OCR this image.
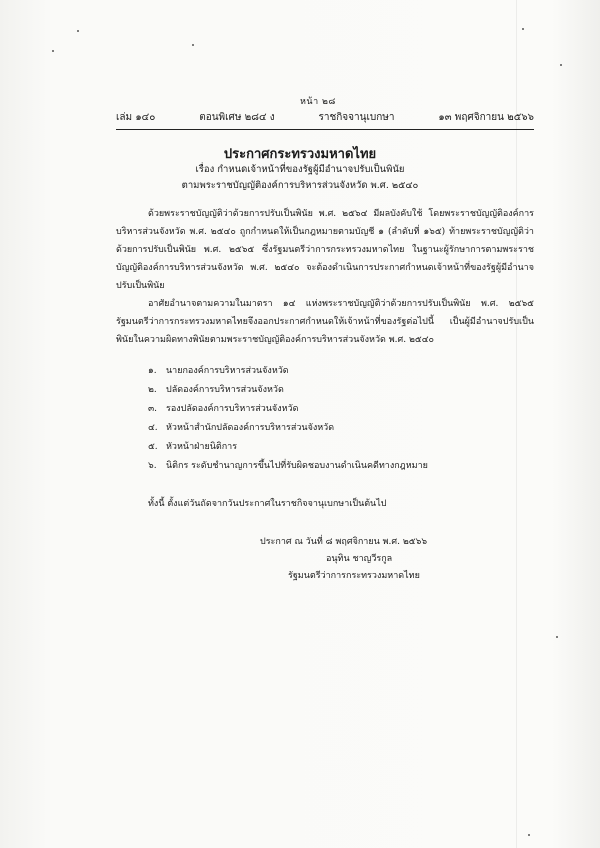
หน้า ๒๘
เล่ม ๑๔๐	ตอนพิเศษ ๒๘๔ ง	ราชกิจจานุเบกษา	๑๓ พฤศจิกายน ๒๕๖๖
ประกาศกระทรวงมหาดไทย
เรื่อง กำหนดเจ้าหน้าที่ของรัฐผู้มีอำนาจปรับเป็นพินัย
ตามพระราชบัญญัติองค์การบริหารส่วนจังหวัด พ.ศ. ๒๕๔๐
ด้วยพระราชบัญญัติว่าด้วยการปรับเป็นพินัย พ.ศ. ๒๕๖๔ มีผลบังคับใช้ โดยพระราชบัญญัติองค์การบริหารส่วนจังหวัด พ.ศ. ๒๕๔๐ ถูกกำหนดให้เป็นกฎหมายตามบัญชี ๑ (ลำดับที่ ๑๖๕) ท้ายพระราชบัญญัติว่าด้วยการปรับเป็นพินัย พ.ศ. ๒๕๖๕ ซึ่งรัฐมนตรีว่าการกระทรวงมหาดไทย ในฐานะผู้รักษาการตามพระราชบัญญัติองค์การบริหารส่วนจังหวัด พ.ศ. ๒๕๔๐ จะต้องดำเนินการประกาศกำหนดเจ้าหน้าที่ของรัฐผู้มีอำนาจปรับเป็นพินัย
อาศัยอำนาจตามความในมาตรา ๑๔ แห่งพระราชบัญญัติว่าด้วยการปรับเป็นพินัย พ.ศ. ๒๕๖๕ รัฐมนตรีว่าการกระทรวงมหาดไทยจึงออกประกาศกำหนดให้เจ้าหน้าที่ของรัฐต่อไปนี้ เป็นผู้มีอำนาจปรับเป็นพินัยในความผิดทางพินัยตามพระราชบัญญัติองค์การบริหารส่วนจังหวัด พ.ศ. ๒๕๔๐
๑. นายกองค์การบริหารส่วนจังหวัด
๒. ปลัดองค์การบริหารส่วนจังหวัด
๓. รองปลัดองค์การบริหารส่วนจังหวัด
๔. หัวหน้าสำนักปลัดองค์การบริหารส่วนจังหวัด
๕. หัวหน้าฝ่ายนิติการ
๖. นิติกร ระดับชำนาญการขึ้นไปที่รับผิดชอบงานดำเนินคดีทางกฎหมาย
ทั้งนี้ ตั้งแต่วันถัดจากวันประกาศในราชกิจจานุเบกษาเป็นต้นไป
ประกาศ ณ วันที่ ๘ พฤศจิกายน พ.ศ. ๒๕๖๖
อนุทิน ชาญวีรกูล
รัฐมนตรีว่าการกระทรวงมหาดไทย
